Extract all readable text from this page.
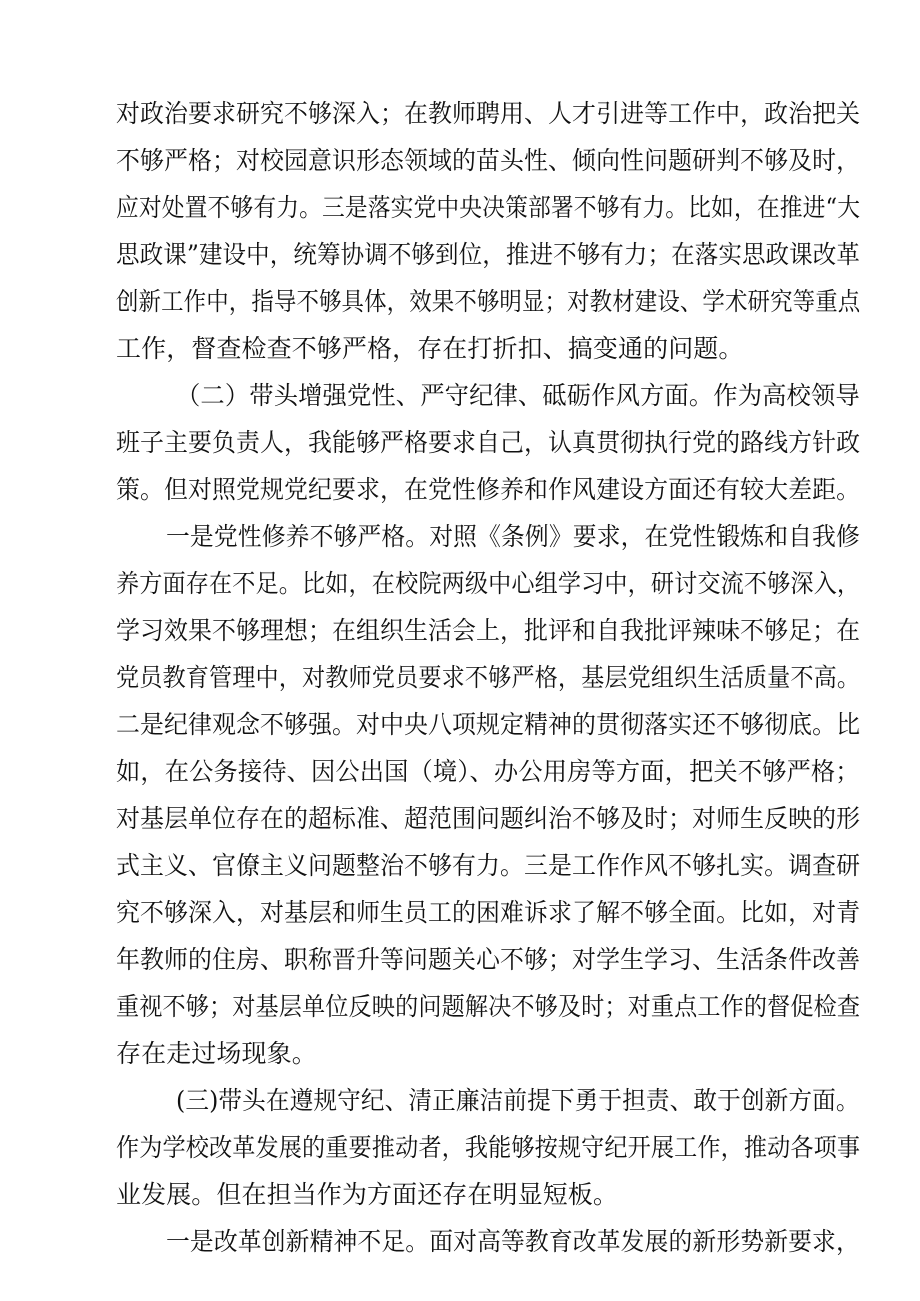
对政治要求研究不够深入；在教师聘用、人才引进等工作中，政治把关

不够严格；对校园意识形态领域的苗头性、倾向性问题研判不够及时，

应对处置不够有力。三是落实党中央决策部署不够有力。比如，在推进“大

思政课”建设中，统筹协调不够到位，推进不够有力；在落实思政课改革

创新工作中，指导不够具体，效果不够明显；对教材建设、学术研究等重点

工作，督查检查不够严格，存在打折扣、搞变通的问题。

（二）带头增强党性、严守纪律、砥砺作风方面。作为高校领导

班子主要负责人，我能够严格要求自己，认真贯彻执行党的路线方针政

策。但对照党规党纪要求，在党性修养和作风建设方面还有较大差距。

一是党性修养不够严格。对照《条例》要求，在党性锻炼和自我修

养方面存在不足。比如，在校院两级中心组学习中，研讨交流不够深入，

学习效果不够理想；在组织生活会上，批评和自我批评辣味不够足；在

党员教育管理中，对教师党员要求不够严格，基层党组织生活质量不高。

二是纪律观念不够强。对中央八项规定精神的贯彻落实还不够彻底。比

如，在公务接待、因公出国（境）、办公用房等方面，把关不够严格；

对基层单位存在的超标准、超范围问题纠治不够及时；对师生反映的形

式主义、官僚主义问题整治不够有力。三是工作作风不够扎实。调查研

究不够深入，对基层和师生员工的困难诉求了解不够全面。比如，对青

年教师的住房、职称晋升等问题关心不够；对学生学习、生活条件改善

重视不够；对基层单位反映的问题解决不够及时；对重点工作的督促检查

存在走过场现象。

(三)带头在遵规守纪、清正廉洁前提下勇于担责、敢于创新方面。

作为学校改革发展的重要推动者，我能够按规守纪开展工作，推动各项事

业发展。但在担当作为方面还存在明显短板。

一是改革创新精神不足。面对高等教育改革发展的新形势新要求，
